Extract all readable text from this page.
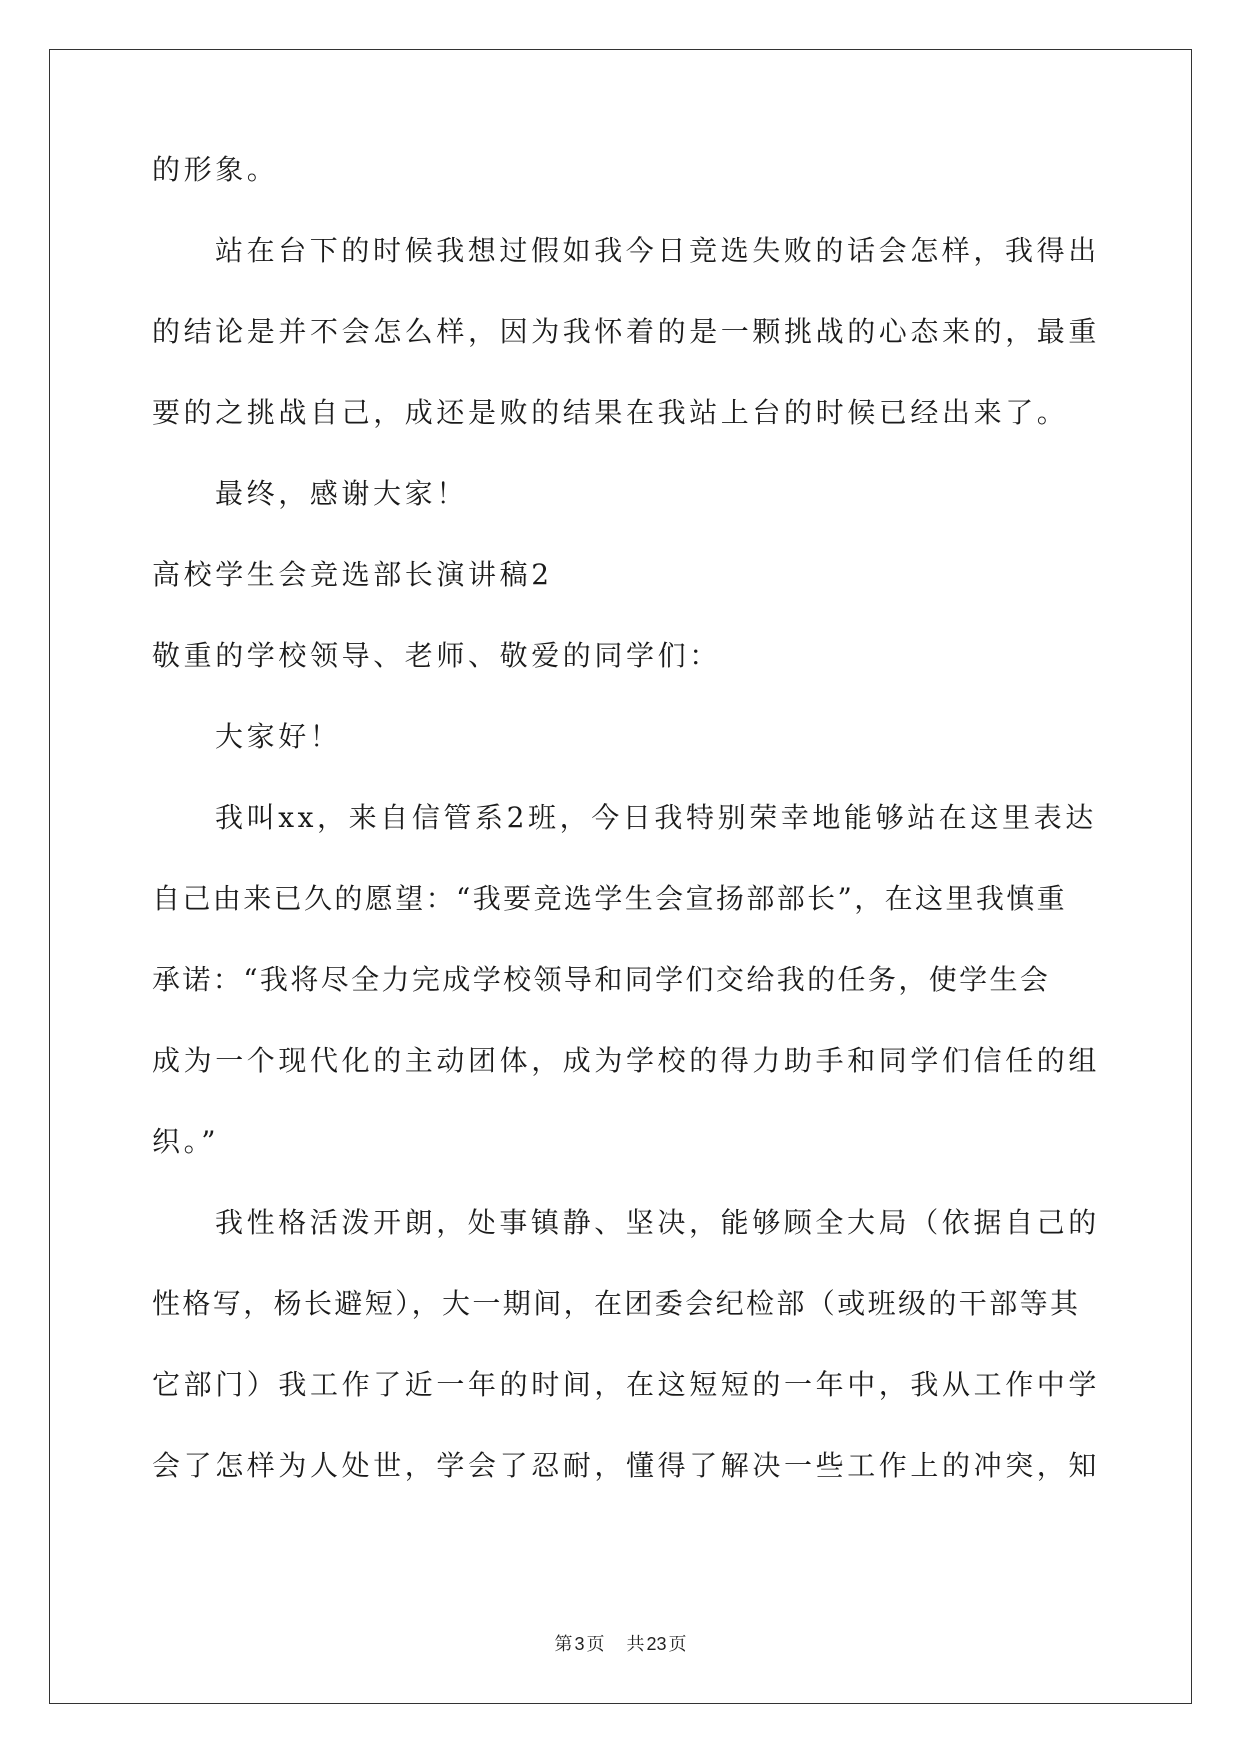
的形象。
站在台下的时候我想过假如我今日竞选失败的话会怎样，我得出
的结论是并不会怎么样，因为我怀着的是一颗挑战的心态来的，最重
要的之挑战自己，成还是败的结果在我站上台的时候已经出来了。
最终，感谢大家！
高校学生会竞选部长演讲稿2
敬重的学校领导、老师、敬爱的同学们：
大家好！
我叫xx，来自信管系2班，今日我特别荣幸地能够站在这里表达
自己由来已久的愿望：“我要竞选学生会宣扬部部长”，在这里我慎重
承诺：“我将尽全力完成学校领导和同学们交给我的任务，使学生会
成为一个现代化的主动团体，成为学校的得力助手和同学们信任的组
织。”
我性格活泼开朗，处事镇静、坚决，能够顾全大局（依据自己的
性格写，杨长避短），大一期间，在团委会纪检部（或班级的干部等其
它部门）我工作了近一年的时间，在这短短的一年中，我从工作中学
会了怎样为人处世，学会了忍耐，懂得了解决一些工作上的冲突，知
第 3 页 共 23 页
